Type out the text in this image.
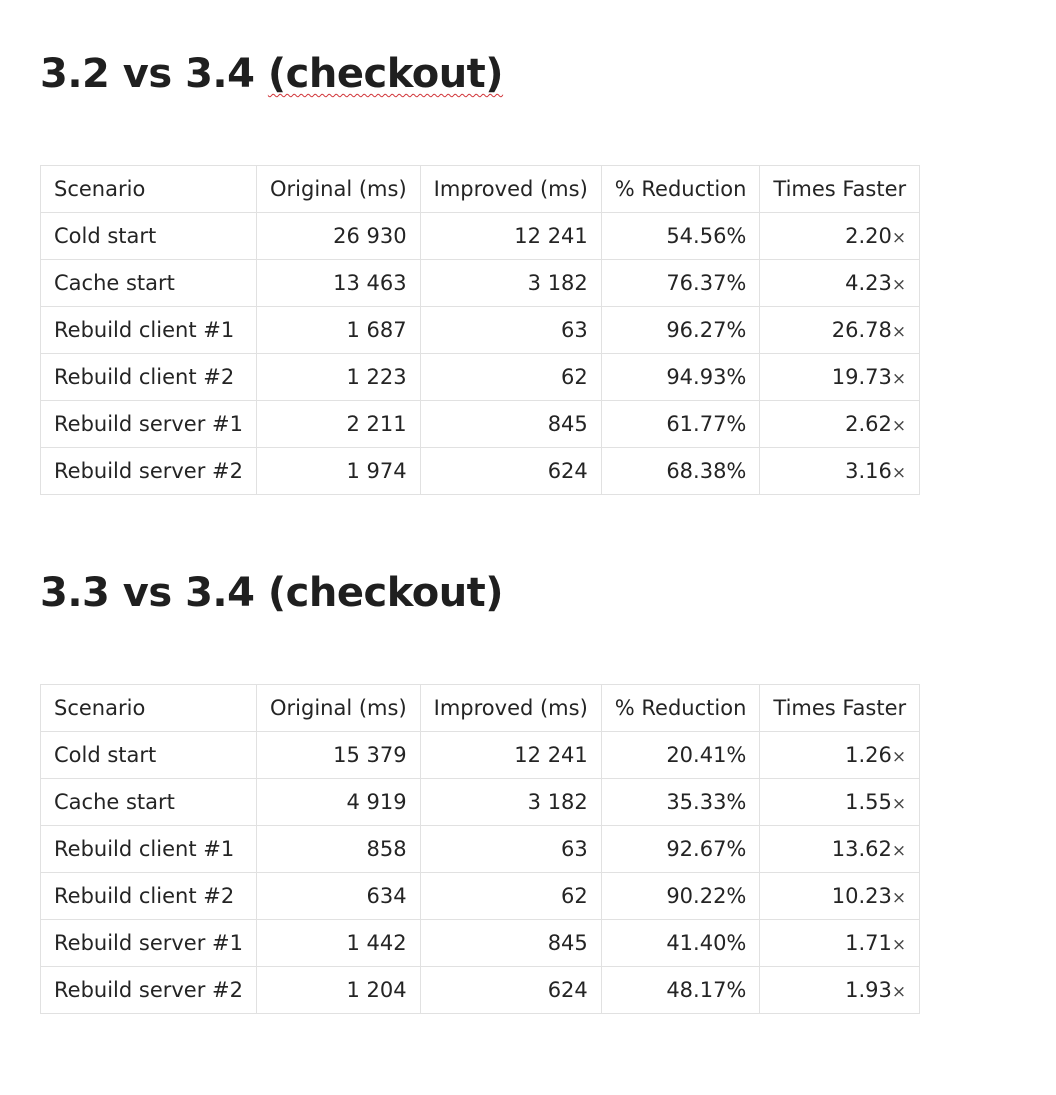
3.2 vs 3.4 (checkout)
Scenario	Original (ms)	Improved (ms)	% Reduction	Times Faster
Cold start	26 930	12 241	54.56%	2.20×
Cache start	13 463	3 182	76.37%	4.23×
Rebuild client #1	1 687	63	96.27%	26.78×
Rebuild client #2	1 223	62	94.93%	19.73×
Rebuild server #1	2 211	845	61.77%	2.62×
Rebuild server #2	1 974	624	68.38%	3.16×
3.3 vs 3.4 (checkout)
Scenario	Original (ms)	Improved (ms)	% Reduction	Times Faster
Cold start	15 379	12 241	20.41%	1.26×
Cache start	4 919	3 182	35.33%	1.55×
Rebuild client #1	858	63	92.67%	13.62×
Rebuild client #2	634	62	90.22%	10.23×
Rebuild server #1	1 442	845	41.40%	1.71×
Rebuild server #2	1 204	624	48.17%	1.93×
